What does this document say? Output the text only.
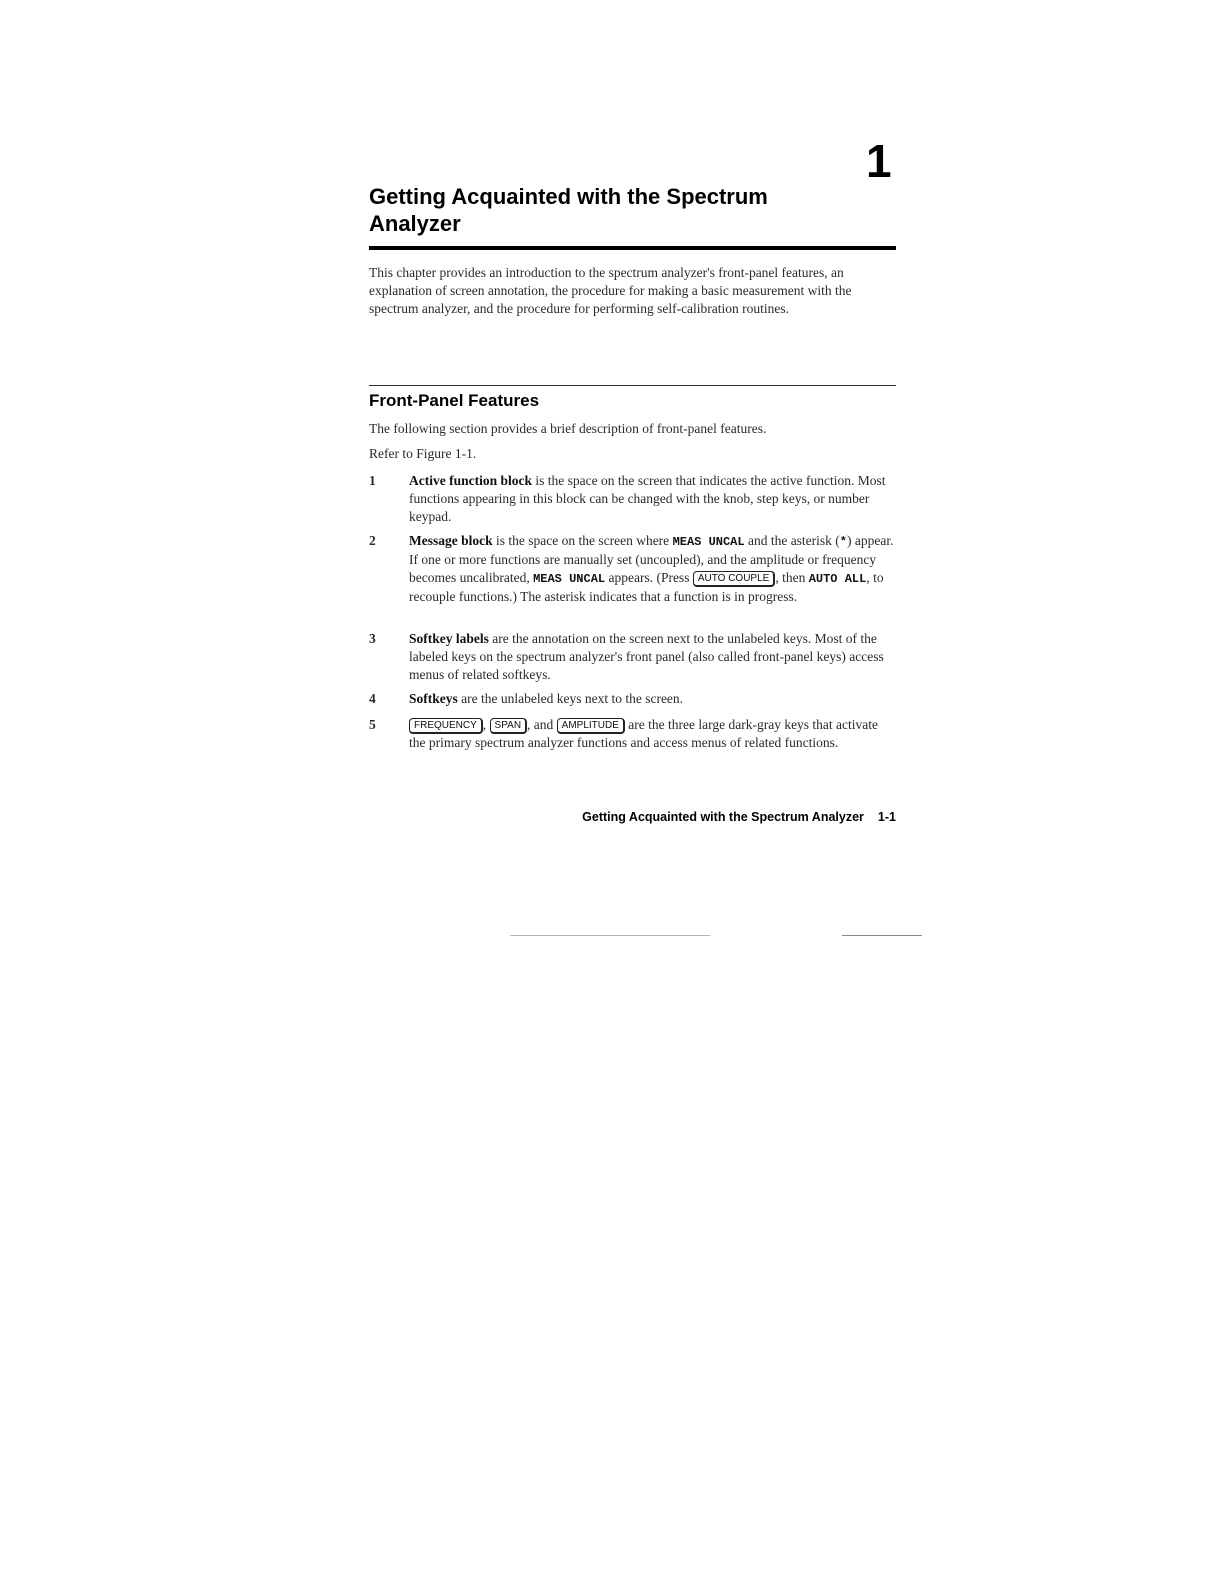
1
Getting Acquainted with the Spectrum Analyzer

This chapter provides an introduction to the spectrum analyzer's front-panel features, an explanation of screen annotation, the procedure for making a basic measurement with the spectrum analyzer, and the procedure for performing self-calibration routines.

Front-Panel Features

The following section provides a brief description of front-panel features.

Refer to Figure 1-1.

1 Active function block is the space on the screen that indicates the active function. Most functions appearing in this block can be changed with the knob, step keys, or number keypad.
2 Message block is the space on the screen where MEAS UNCAL and the asterisk (*) appear. If one or more functions are manually set (uncoupled), and the amplitude or frequency becomes uncalibrated, MEAS UNCAL appears. (Press AUTO COUPLE , then AUTO ALL, to recouple functions.) The asterisk indicates that a function is in progress.
3 Softkey labels are the annotation on the screen next to the unlabeled keys. Most of the labeled keys on the spectrum analyzer's front panel (also called front-panel keys) access menus of related softkeys.
4 Softkeys are the unlabeled keys next to the screen.
5	FREQUENCY , SPAN , and AMPLITUDE are the three large dark-gray keys that activate the primary spectrum analyzer functions and access menus of related functions.
Getting Acquainted with the Spectrum Analyzer 1-1
